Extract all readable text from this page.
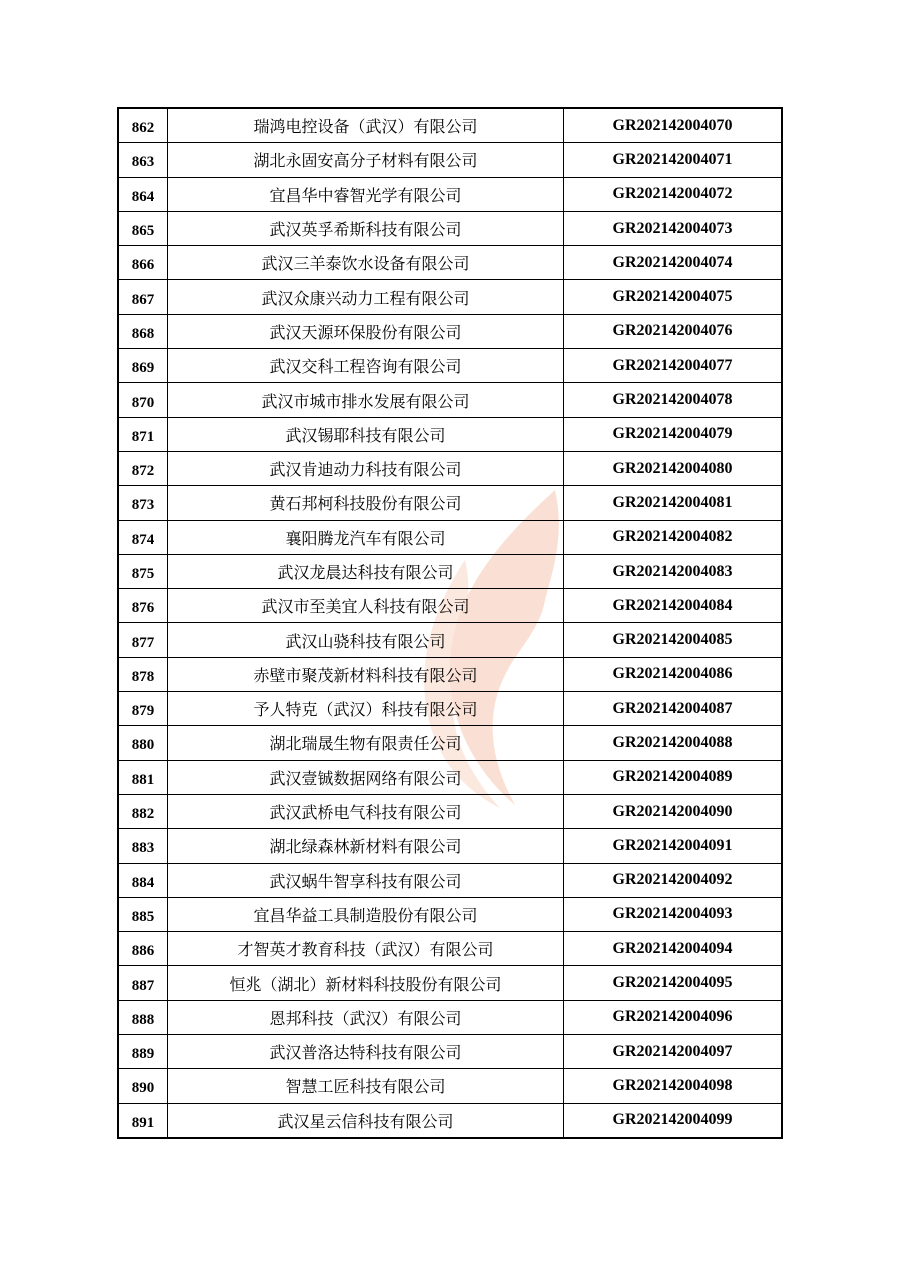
862	瑞鸿电控设备（武汉）有限公司	GR202142004070
863	湖北永固安高分子材料有限公司	GR202142004071
864	宜昌华中睿智光学有限公司	GR202142004072
865	武汉英孚希斯科技有限公司	GR202142004073
866	武汉三羊泰饮水设备有限公司	GR202142004074
867	武汉众康兴动力工程有限公司	GR202142004075
868	武汉天源环保股份有限公司	GR202142004076
869	武汉交科工程咨询有限公司	GR202142004077
870	武汉市城市排水发展有限公司	GR202142004078
871	武汉锡耶科技有限公司	GR202142004079
872	武汉肯迪动力科技有限公司	GR202142004080
873	黄石邦柯科技股份有限公司	GR202142004081
874	襄阳腾龙汽车有限公司	GR202142004082
875	武汉龙晨达科技有限公司	GR202142004083
876	武汉市至美宜人科技有限公司	GR202142004084
877	武汉山骁科技有限公司	GR202142004085
878	赤壁市聚茂新材料科技有限公司	GR202142004086
879	予人特克（武汉）科技有限公司	GR202142004087
880	湖北瑞晟生物有限责任公司	GR202142004088
881	武汉壹铖数据网络有限公司	GR202142004089
882	武汉武桥电气科技有限公司	GR202142004090
883	湖北绿森林新材料有限公司	GR202142004091
884	武汉蜗牛智享科技有限公司	GR202142004092
885	宜昌华益工具制造股份有限公司	GR202142004093
886	才智英才教育科技（武汉）有限公司	GR202142004094
887	恒兆（湖北）新材料科技股份有限公司	GR202142004095
888	恩邦科技（武汉）有限公司	GR202142004096
889	武汉普洛达特科技有限公司	GR202142004097
890	智慧工匠科技有限公司	GR202142004098
891	武汉星云信科技有限公司	GR202142004099
